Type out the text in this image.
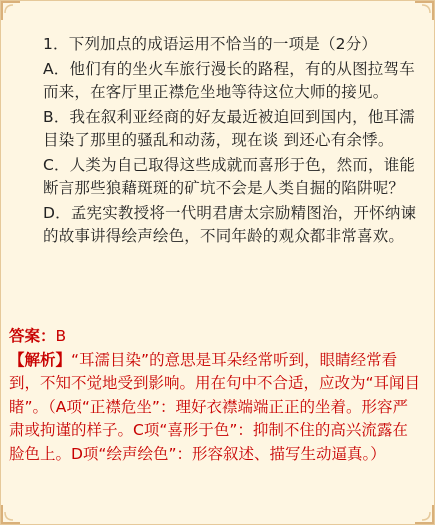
1．下列加点的成语运用不恰当的一项是（2分）

A．他们有的坐火车旅行漫长的路程，有的从图拉驾车而来，在客厅里正襟危坐地等待这位大师的接见。

B．我在叙利亚经商的好友最近被迫回到国内，他耳濡目染了那里的骚乱和动荡，现在谈 到还心有余悸。

C．人类为自己取得这些成就而喜形于色，然而，谁能断言那些狼藉斑斑的矿坑不会是人类自掘的陷阱呢？

D．孟宪实教授将一代明君唐太宗励精图治，开怀纳谏的故事讲得绘声绘色，不同年龄的观众都非常喜欢。

答案：B

【解析】“耳濡目染”的意思是耳朵经常听到，眼睛经常看到，不知不觉地受到影响。用在句中不合适，应改为“耳闻目睹”。（A项“正襟危坐”：理好衣襟端端正正的坐着。形容严肃或拘谨的样子。C项“喜形于色”：抑制不住的高兴流露在脸色上。D项“绘声绘色”：形容叙述、描写生动逼真。）
